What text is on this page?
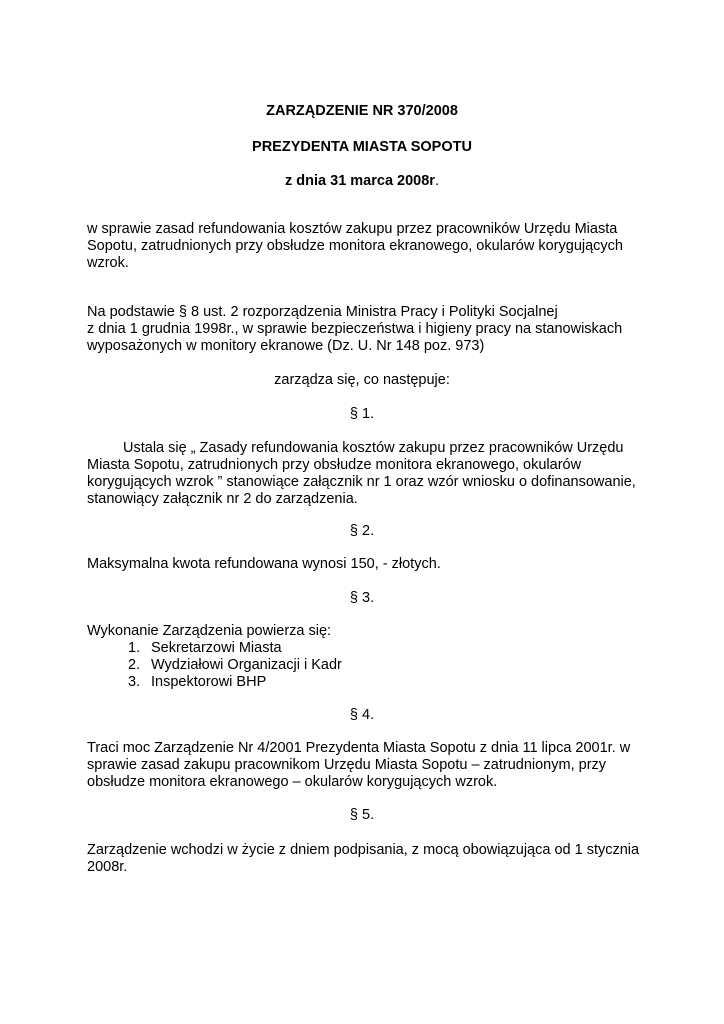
ZARZĄDZENIE NR 370/2008
PREZYDENTA MIASTA SOPOTU
z dnia 31 marca 2008r.

w sprawie zasad refundowania kosztów zakupu przez pracowników Urzędu Miasta

Sopotu, zatrudnionych przy obsłudze monitora ekranowego, okularów korygujących

wzrok.

Na podstawie § 8 ust. 2 rozporządzenia Ministra Pracy i Polityki Socjalnej

z dnia 1 grudnia 1998r., w sprawie bezpieczeństwa i higieny pracy na stanowiskach

wyposażonych w monitory ekranowe (Dz. U. Nr 148 poz. 973)

zarządza się, co następuje:
§ 1.

Ustala się „ Zasady refundowania kosztów zakupu przez pracowników Urzędu

Miasta Sopotu, zatrudnionych przy obsłudze monitora ekranowego, okularów

korygujących wzrok ” stanowiące załącznik nr 1 oraz wzór wniosku o dofinansowanie,

stanowiący załącznik nr 2 do zarządzenia.

§ 2.

Maksymalna kwota refundowana wynosi 150, - złotych.

§ 3.

Wykonanie Zarządzenia powierza się:

1. Sekretarzowi Miasta
2. Wydziałowi Organizacji i Kadr
3. Inspektorowi BHP
§ 4.

Traci moc Zarządzenie Nr 4/2001 Prezydenta Miasta Sopotu z dnia 11 lipca 2001r. w

sprawie zasad zakupu pracownikom Urzędu Miasta Sopotu – zatrudnionym, przy

obsłudze monitora ekranowego – okularów korygujących wzrok.

§ 5.

Zarządzenie wchodzi w życie z dniem podpisania, z mocą obowiązująca od 1 stycznia

2008r.
